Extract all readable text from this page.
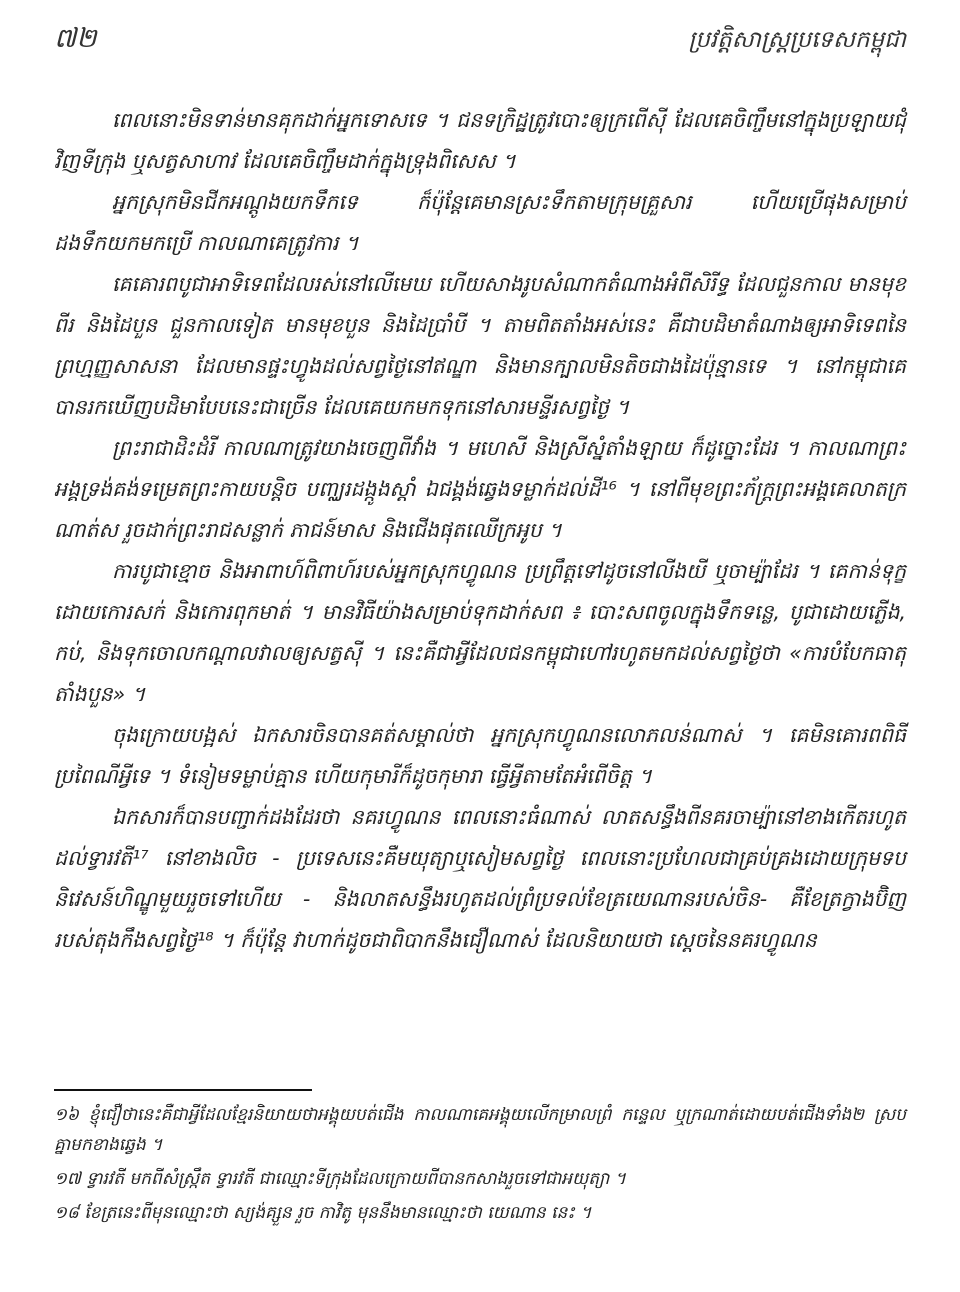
៧២	ប្រវត្តិសាស្ត្រប្រទេសកម្ពុជា

ពេលនោះមិនទាន់មានគុកដាក់អ្នកទោសទេ ។ ជនទក្រិដ្ឋត្រូវបោះឲ្យក្រពើស៊ី ដែលគេចិញ្ចឹមនៅក្នុងប្រឡាយជុំវិញទីក្រុង ឬសត្វសាហាវ ដែលគេចិញ្ចឹមដាក់ក្នុងទ្រុងពិសេស ។

អ្នកស្រុកមិនជីកអណ្តូងយកទឹកទេ ក៏ប៉ុន្តែគេមានស្រះទឹកតាមក្រុមគ្រួសារ ហើយប្រើផុងសម្រាប់ដងទឹកយកមកប្រើ កាលណាគេត្រូវការ ។

គេគោរពបូជាអាទិទេពដែលរស់នៅលើមេឃ ហើយសាងរូបសំណាកតំណាងអំពីសិរីទ្ធ ដែលជួនកាល មានមុខពីរ និងដៃបួន ជួនកាលទៀត មានមុខបួន និងដៃប្រាំបី ។ តាមពិតតាំងអស់នេះ គឺជាបដិមាតំណាងឲ្យអាទិទេពនៃព្រហ្មញ្ញសាសនា ដែលមានផ្ទះហ្វូងដល់សព្វថ្ងៃនៅឥណ្ឌា និងមានក្បាលមិនតិចជាងដៃប៉ុន្មានទេ ។ នៅកម្ពុជាគេបានរកឃើញបដិមាបែបនេះជាច្រើន ដែលគេយកមកទុកនៅសារមន្ទីរសព្វថ្ងៃ ។

ព្រះរាជាដិះដំរី កាលណាត្រូវយាងចេញពីវាំង ។ មហេសី និងស្រីស្នំតាំងឡាយ ក៏ដូច្នោះដែរ ។ កាលណាព្រះអង្គទ្រង់គង់ទម្រេតព្រះកាយបន្តិច បញ្ឈរដង្កូងស្តាំ ឯជង្គង់ឆ្វេងទម្លាក់ដល់ដី¹⁶ ។ នៅពីមុខព្រះភ័ក្ត្រព្រះអង្គគេលាតក្រណាត់ស រួចដាក់ព្រះរាជសន្លាក់ ភាជន៍មាស និងជើងផុតឈើក្រអូប ។

ការបូជាខ្មោច និងអាពាហ៍ពិពាហ៍របស់អ្នកស្រុកហ្វូណន ប្រព្រឹត្តទៅដូចនៅលីងយី ឬចាម្ប៉ាដែរ ។ គេកាន់ទុក្ខដោយកោរសក់ និងកោរពុកមាត់ ។ មានវិធីយ៉ាងសម្រាប់ទុកដាក់សព ៖ បោះសពចូលក្នុងទឹកទន្លេ, បូជាដោយភ្លើង, កប់, និងទុកចោលកណ្តាលវាលឲ្យសត្វស៊ី ។ នេះគឺជាអ្វីដែលជនកម្ពុជាហៅរហូតមកដល់សព្វថ្ងៃថា «ការបំបែកធាតុតាំងបួន» ។

ចុងក្រោយបង្អស់ ឯកសារចិនបានគត់សម្គាល់ថា អ្នកស្រុកហ្វូណនលោភលន់ណាស់ ។ គេមិនគោរពពិធីប្រពៃណីអ្វីទេ ។ ទំនៀមទម្លាប់គ្មាន ហើយកុមារីក៏ដូចកុមារា ធ្វើអ្វីតាមតែអំពើចិត្ត ។

ឯកសារក៏បានបញ្ជាក់ដងដែរថា នគរហ្វូណន ពេលនោះធំណាស់ លាតសន្ធឹងពីនគរចាម្ប៉ានៅខាងកើតរហូតដល់ទ្វារវតី¹⁷ នៅខាងលិច - ប្រទេសនេះគឺមយុត្យាឬសៀមសព្វថ្ងៃ ពេលនោះប្រហែលជាគ្រប់គ្រងដោយក្រុមទបនិវេសន៍ហិណ្ឌូមួយរួចទៅហើយ - និងលាតសន្ធឹងរហូតដល់ព្រំប្រទល់ខែត្រយេណានរបស់ចិន- គឺខែត្រក្វាងប៊ិញ របស់តុងកឹងសព្វថ្ងៃ¹⁸ ។ ក៏ប៉ុន្តែ វាហាក់ដូចជាពិបាកនឹងជឿណាស់ ដែលនិយាយថា ស្តេចនៃនគរហ្វូណន

១៦ ខ្ញុំជឿថានេះគឺជាអ្វីដែលខ្មែរនិយាយថាអង្គុយបត់ជើង កាលណាគេអង្គុយលើកម្រាលព្រំ កន្ទេល ឬក្រណាត់ដោយបត់ជើងទាំង២ ស្របគ្នាមកខាងឆ្វេង ។

១៧ ទ្វារវតី មកពីសំស្ក្រឹត ទ្វារវតី ជាឈ្មោះទីក្រុងដែលក្រោយពីបានកសាងរួចទៅជាអយុត្យា ។

១៨ ខែត្រនេះពីមុនឈ្មោះថា ស្យង់គ្សួន រួច កាវិតូ មុននឹងមានឈ្មោះថា យេណាន នេះ ។
